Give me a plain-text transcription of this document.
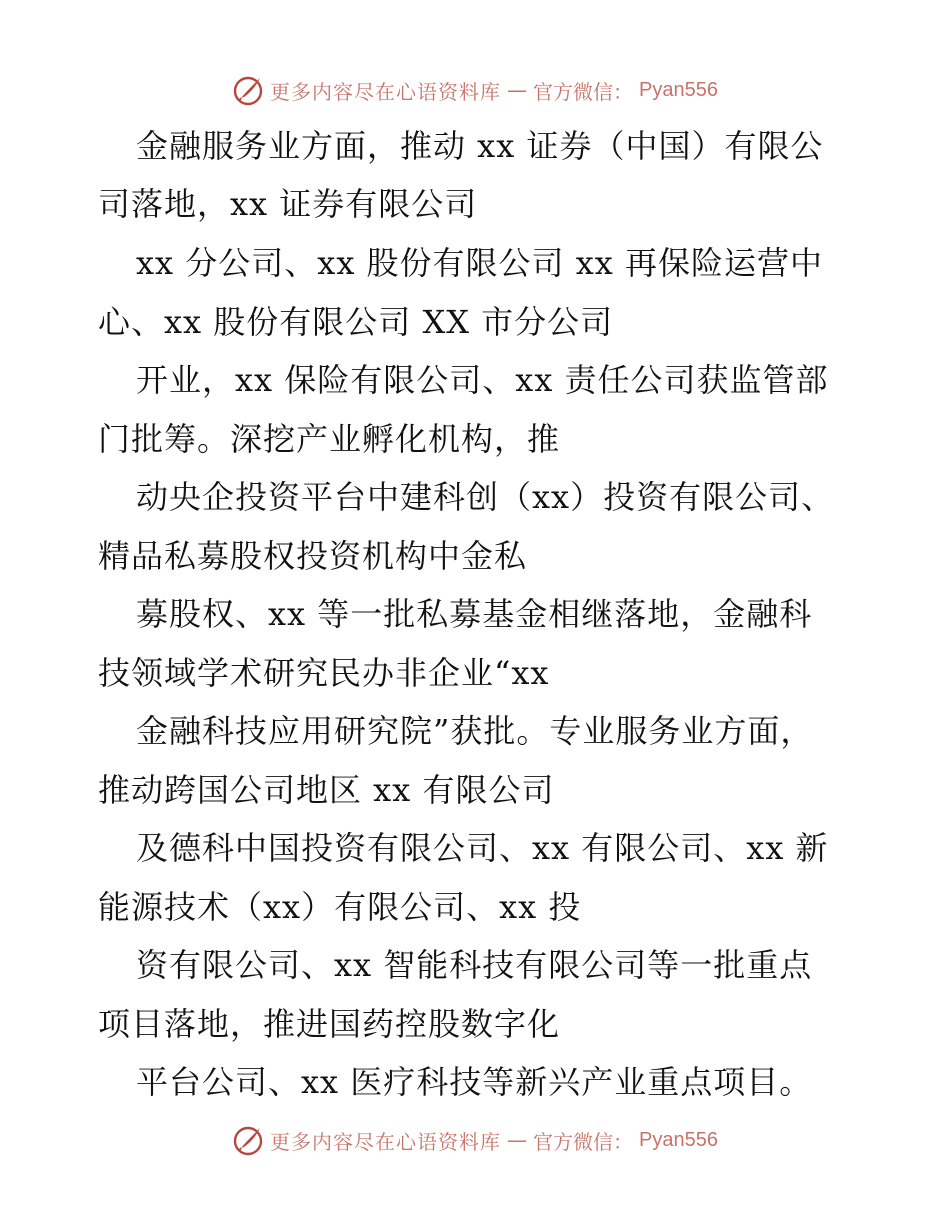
更多内容尽在心语资料库 — 官方微信： Pyan556
金融服务业方面，推动 xx 证券（中国）有限公
司落地，xx 证券有限公司
xx 分公司、xx 股份有限公司 xx 再保险运营中
心、xx 股份有限公司 XX 市分公司
开业，xx 保险有限公司、xx 责任公司获监管部
门批筹。深挖产业孵化机构，推
动央企投资平台中建科创（xx）投资有限公司、
精品私募股权投资机构中金私
募股权、xx 等一批私募基金相继落地，金融科
技领域学术研究民办非企业“xx
金融科技应用研究院”获批。专业服务业方面，
推动跨国公司地区 xx 有限公司
及德科中国投资有限公司、xx 有限公司、xx 新
能源技术（xx）有限公司、xx 投
资有限公司、xx 智能科技有限公司等一批重点
项目落地，推进国药控股数字化
平台公司、xx 医疗科技等新兴产业重点项目。
更多内容尽在心语资料库 — 官方微信： Pyan556
